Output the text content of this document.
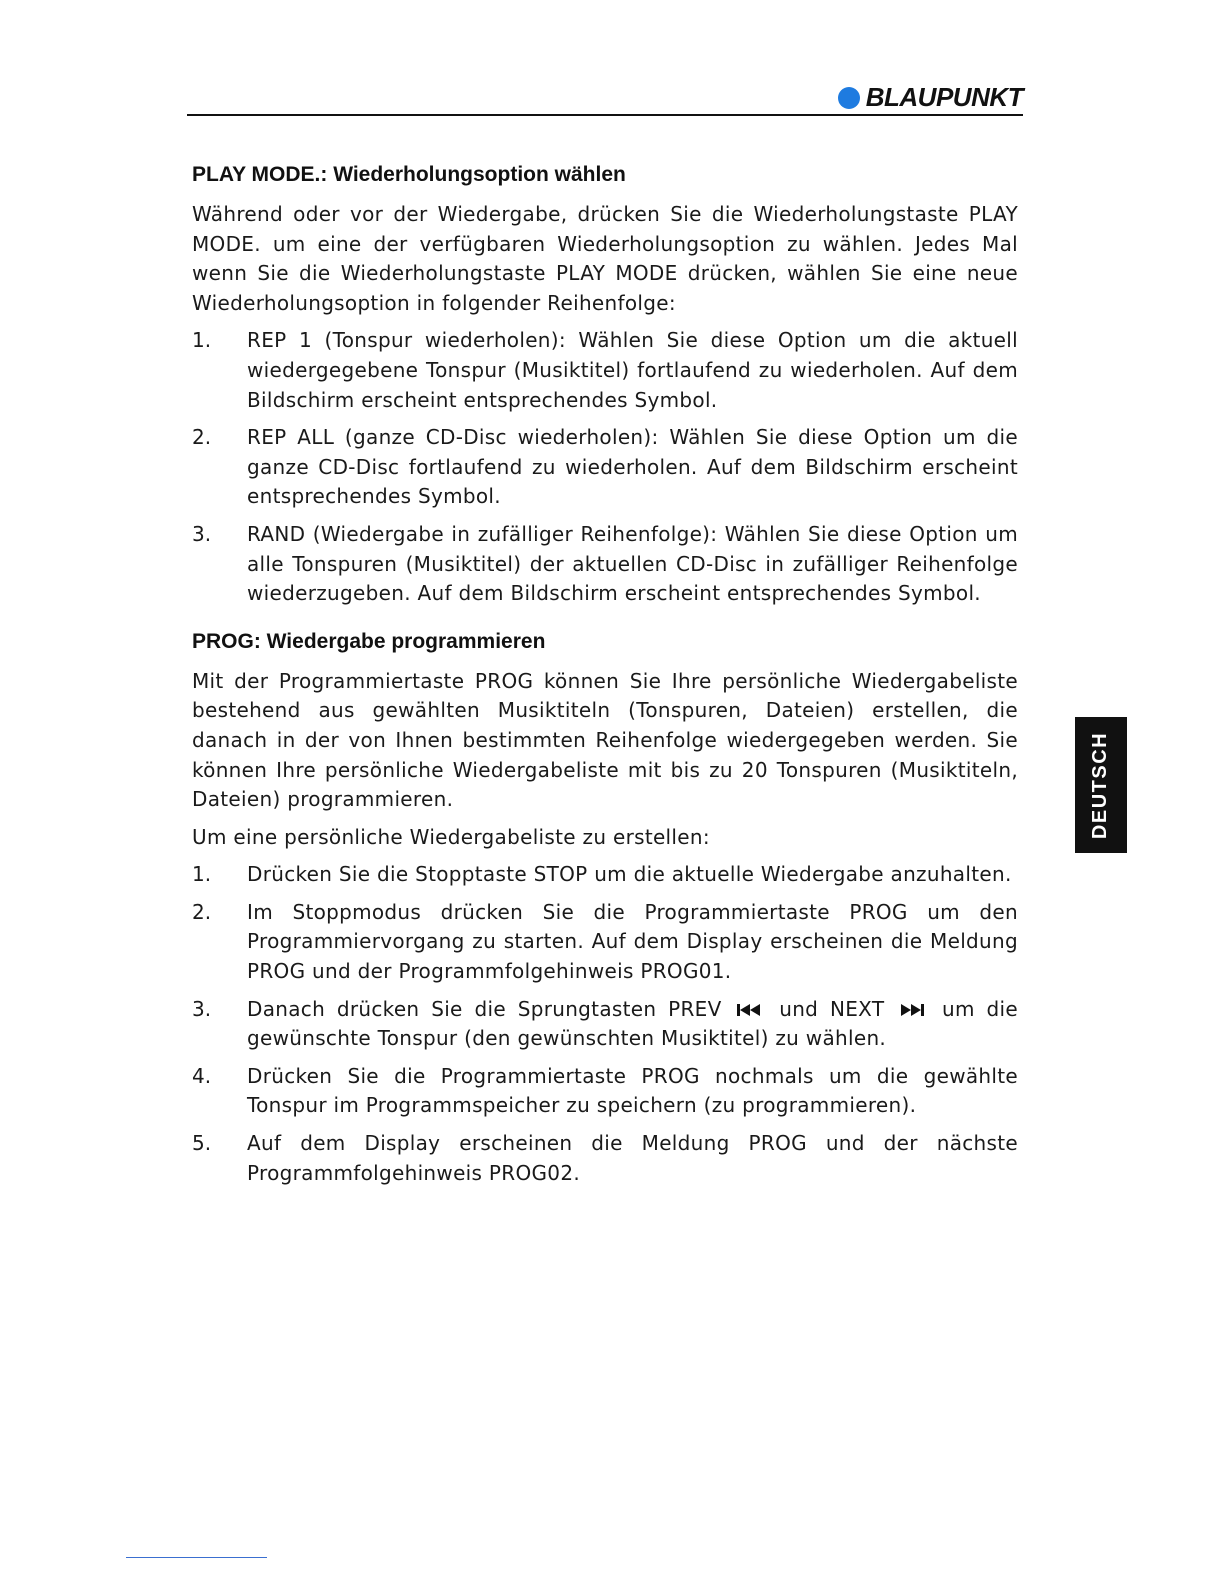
BLAUPUNKT
PLAY MODE.: Wiederholungsoption wählen

Während oder vor der Wiedergabe, drücken Sie die Wiederholungstaste PLAY MODE. um eine der verfügbaren Wiederholungsoption zu wählen. Jedes Mal wenn Sie die Wiederholungstaste PLAY MODE drücken, wählen Sie eine neue Wiederholungsoption in folgender Reihenfolge:

1.	REP 1 (Tonspur wiederholen): Wählen Sie diese Option um die aktuell wiedergegebene Tonspur (Musiktitel) fortlaufend zu wiederholen. Auf dem Bildschirm erscheint entsprechendes Symbol.
2.	REP ALL (ganze CD-Disc wiederholen): Wählen Sie diese Option um die ganze CD-Disc fortlaufend zu wiederholen. Auf dem Bildschirm erscheint entsprechendes Symbol.
3.	RAND (Wiedergabe in zufälliger Reihenfolge): Wählen Sie diese Option um alle Tonspuren (Musiktitel) der aktuellen CD-Disc in zufälliger Reihenfolge wiederzugeben. Auf dem Bildschirm erscheint entsprechendes Symbol.
PROG: Wiedergabe programmieren

Mit der Programmiertaste PROG können Sie Ihre persönliche Wiedergabeliste bestehend aus gewählten Musiktiteln (Tonspuren, Dateien) erstellen, die danach in der von Ihnen bestimmten Reihenfolge wiedergegeben werden. Sie können Ihre persönliche Wiedergabeliste mit bis zu 20 Tonspuren (Musiktiteln, Dateien) programmieren.

Um eine persönliche Wiedergabeliste zu erstellen:

1.	Drücken Sie die Stopptaste STOP um die aktuelle Wiedergabe anzuhalten.
2.	Im Stoppmodus drücken Sie die Programmiertaste PROG um den Programmiervorgang zu starten. Auf dem Display erscheinen die Meldung PROG und der Programmfolgehinweis PROG01.
3.	Danach drücken Sie die Sprungtasten PREV	und NEXT	um die gewünschte Tonspur (den gewünschten Musiktitel) zu wählen.
4.	Drücken Sie die Programmiertaste PROG nochmals um die gewählte Tonspur im Programmspeicher zu speichern (zu programmieren).
5.	Auf dem Display erscheinen die Meldung PROG und der nächste Programmfolgehinweis PROG02.
DEUTSCH
